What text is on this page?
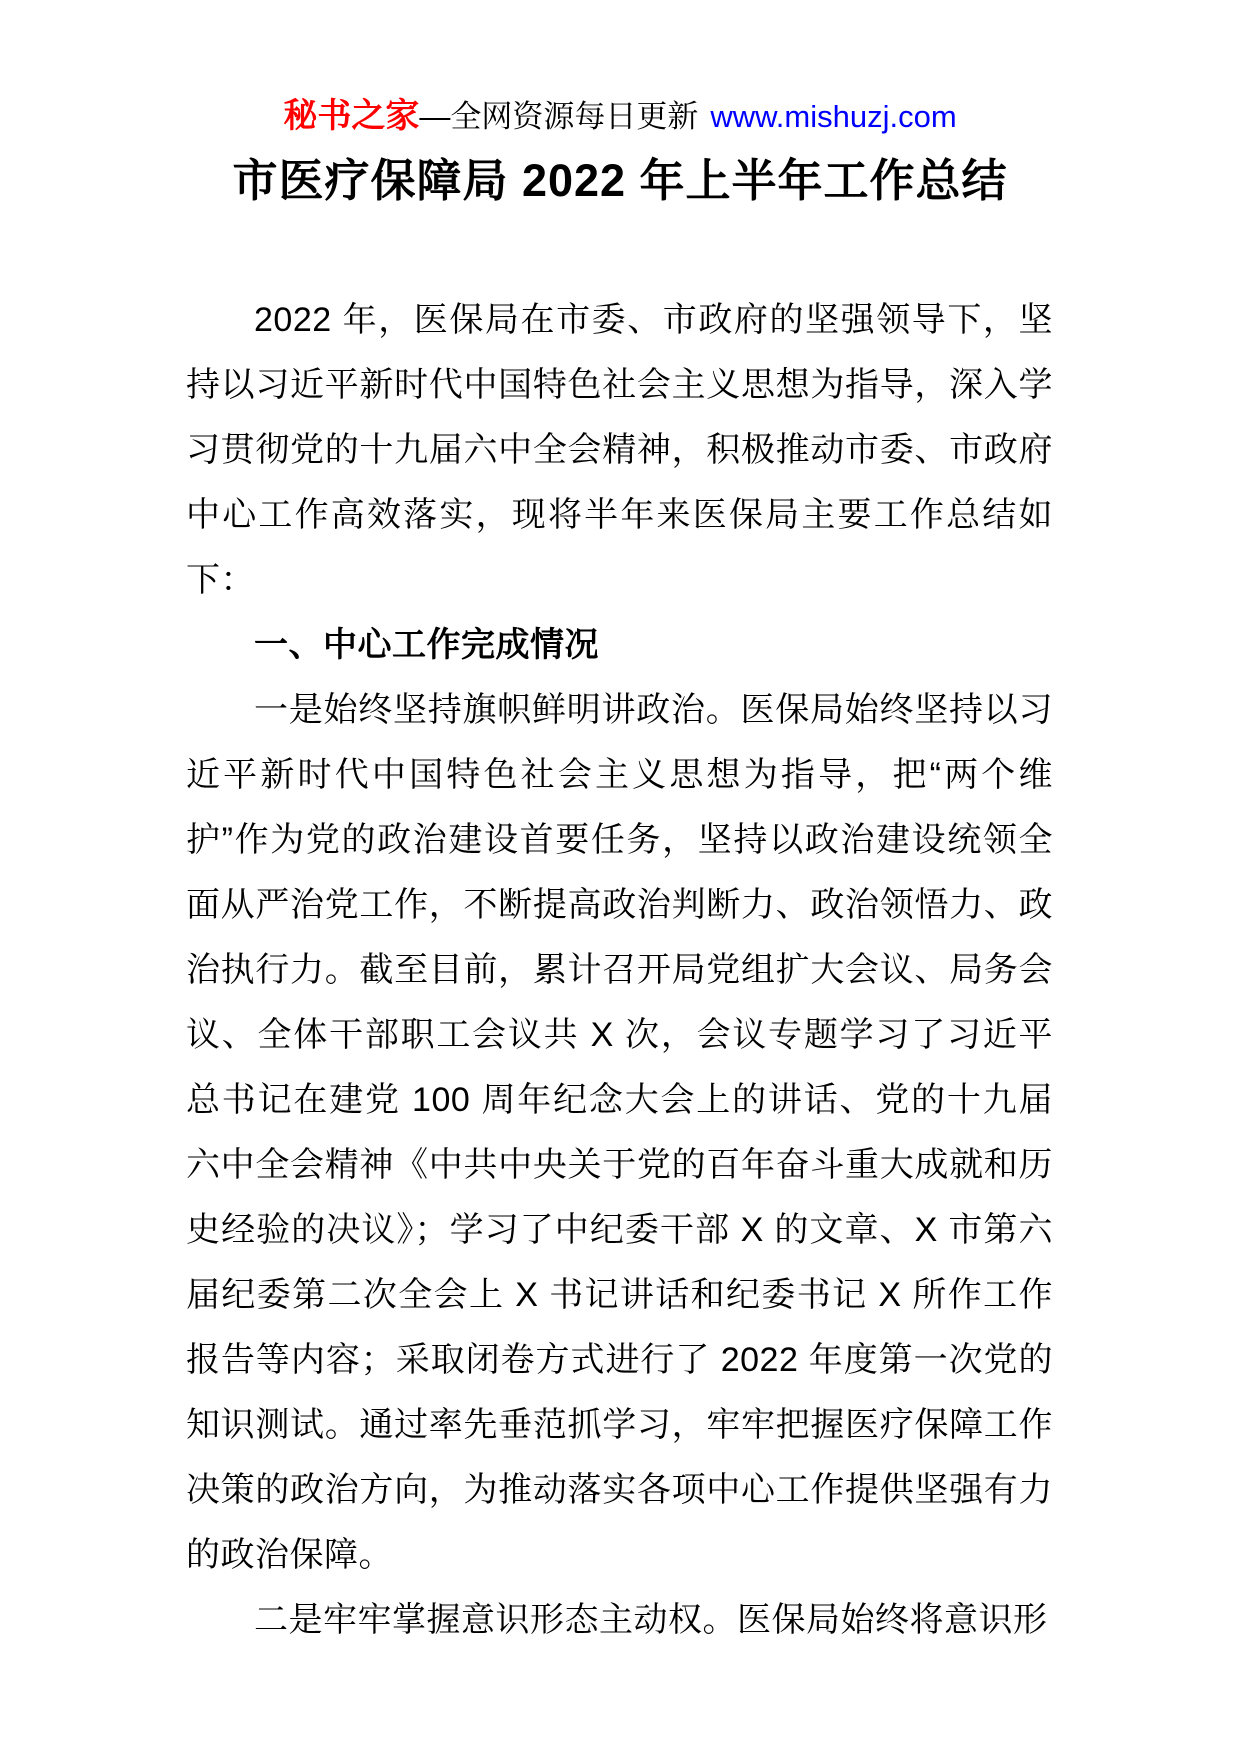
秘书之家—全网资源每日更新 www.mishuzj.com
市医疗保障局 2022 年上半年工作总结

2022 年，医保局在市委、市政府的坚强领导下，坚持以习近平新时代中国特色社会主义思想为指导，深入学习贯彻党的十九届六中全会精神，积极推动市委、市政府中心工作高效落实，现将半年来医保局主要工作总结如下：

一、中心工作完成情况

一是始终坚持旗帜鲜明讲政治。医保局始终坚持以习近平新时代中国特色社会主义思想为指导，把“两个维护”作为党的政治建设首要任务，坚持以政治建设统领全面从严治党工作，不断提高政治判断力、政治领悟力、政治执行力。截至目前，累计召开局党组扩大会议、局务会议、全体干部职工会议共 X 次，会议专题学习了习近平总书记在建党 100 周年纪念大会上的讲话、党的十九届六中全会精神《中共中央关于党的百年奋斗重大成就和历史经验的决议》；学习了中纪委干部 X 的文章、X 市第六届纪委第二次全会上 X 书记讲话和纪委书记 X 所作工作报告等内容；采取闭卷方式进行了 2022 年度第一次党的知识测试。通过率先垂范抓学习，牢牢把握医疗保障工作决策的政治方向，为推动落实各项中心工作提供坚强有力的政治保障。

二是牢牢掌握意识形态主动权。医保局始终将意识形
